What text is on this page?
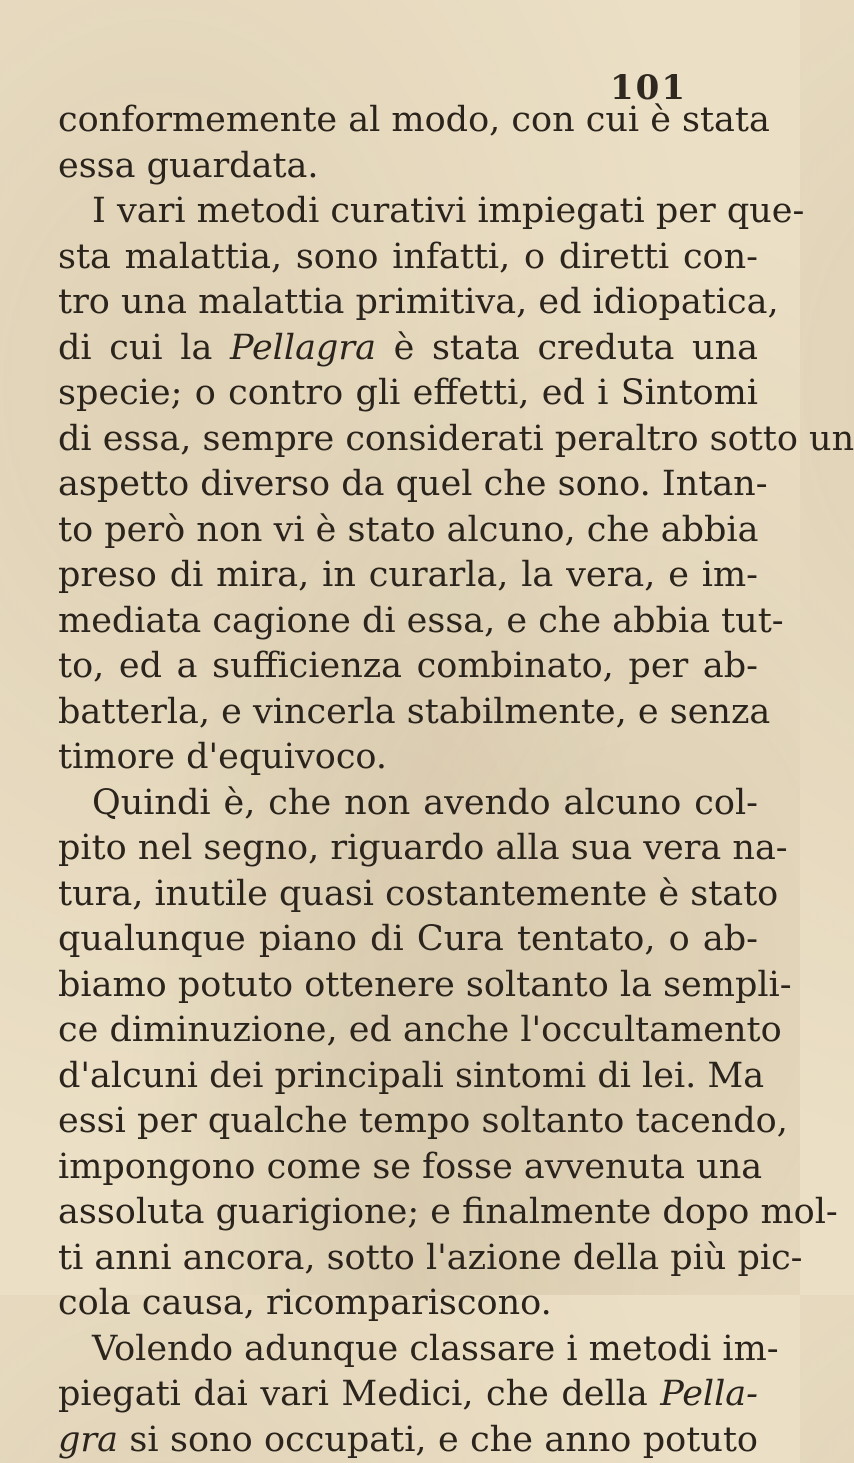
101
conformemente al modo, con cui è stata
essa guardata.
I vari metodi curativi impiegati per que-
sta malattia, sono infatti, o diretti con-
tro una malattia primitiva, ed idiopatica,
di cui la Pellagra è stata creduta una
specie; o contro gli effetti, ed i Sintomi
di essa, sempre considerati peraltro sotto un
aspetto diverso da quel che sono. Intan-
to però non vi è stato alcuno, che abbia
preso di mira, in curarla, la vera, e im-
mediata cagione di essa, e che abbia tut-
to, ed a sufficienza combinato, per ab-
batterla, e vincerla stabilmente, e senza
timore d'equivoco.
Quindi è, che non avendo alcuno col-
pito nel segno, riguardo alla sua vera na-
tura, inutile quasi costantemente è stato
qualunque piano di Cura tentato, o ab-
biamo potuto ottenere soltanto la sempli-
ce diminuzione, ed anche l'occultamento
d'alcuni dei principali sintomi di lei. Ma
essi per qualche tempo soltanto tacendo,
impongono come se fosse avvenuta una
assoluta guarigione; e finalmente dopo mol-
ti anni ancora, sotto l'azione della più pic-
cola causa, ricompariscono.
Volendo adunque classare i metodi im-
piegati dai vari Medici, che della Pella-
gra si sono occupati, e che anno potuto
